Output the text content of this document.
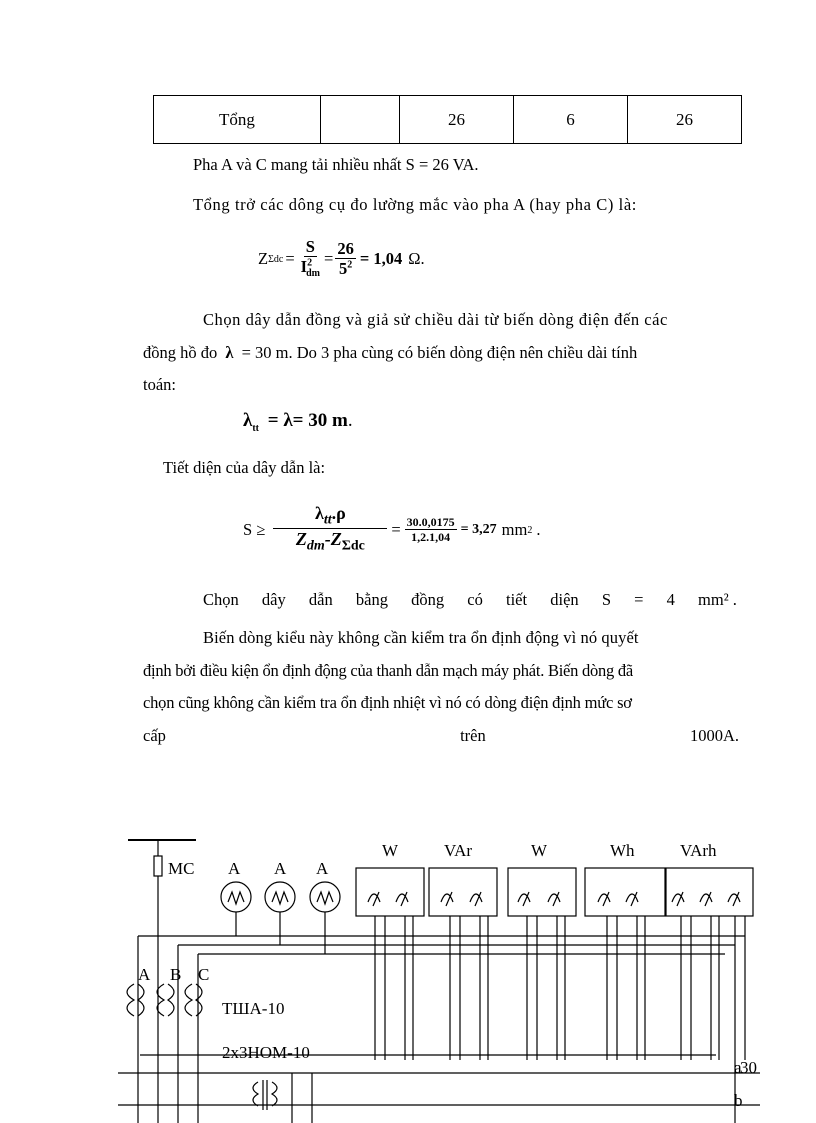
Tổng		26	6	26
Pha A và C mang tải nhiều nhất S = 26 VA.
Tổng trở các dông cụ đo lường mắc vào pha A (hay pha C) là:
Z $\Sigma dc = \frac{S}{I^2_{dm}} = \frac{26}{5^2} = 1,04$ Ω.
Chọn dây dẫn đồng và giả sử chiều dài từ biến dòng điện đến các
đồng hồ đo λ = 30 m. Do 3 pha cùng có biến dòng điện nên chiều dài tính
toán:
$\lambda_{tt} = \lambda= 30$ m.
Tiết diện của dây dẫn là:
$S \ge \frac{\lambda_{tt}.\rho}{Z_{dm}-Z_{\Sigma dc}} = \frac{30.0,0175}{1,2.1,04} = 3,27$ mm 2 .
Chọn dây dẫn bằng đồng có tiết diện S = 4 mm² .
Biến dòng kiểu này không cần kiểm tra ổn định động vì nó quyết
định bởi điều kiện ổn định động của thanh dẫn mạch máy phát. Biến dòng đã
chọn cũng không cần kiểm tra ổn định nhiệt vì nó có dòng điện định mức sơ
cấp	trên	1000A.
MC A A A
W	VAr	W	Wh	VArh
A B C
TШA-10
2x3HOM-10
a
30
b
